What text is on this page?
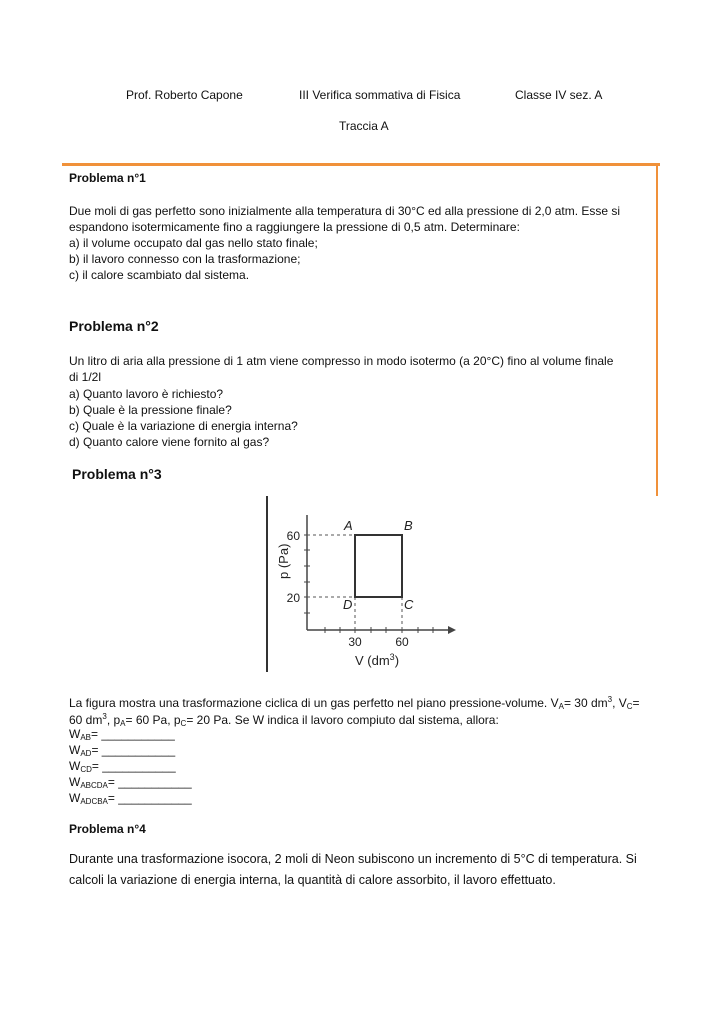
Prof. Roberto Capone	III Verifica sommativa di Fisica	Classe IV sez. A
Traccia A
Problema n°1
Due moli di gas perfetto sono inizialmente alla temperatura di 30°C ed alla pressione di 2,0 atm. Esse si
espandono isotermicamente fino a raggiungere la pressione di 0,5 atm. Determinare:
a) il volume occupato dal gas nello stato finale;
b) il lavoro connesso con la trasformazione;
c) il calore scambiato dal sistema.
Problema n°2
Un litro di aria alla pressione di 1 atm viene compresso in modo isotermo (a 20°C) fino al volume finale
di 1/2l
a) Quanto lavoro è richiesto?
b) Quale è la pressione finale?
c) Quale è la variazione di energia interna?
d) Quanto calore viene fornito al gas?
Problema n°3
60
20
30	60
A	B
C
D
p (Pa)
V $(dm^3)$
La figura mostra una trasformazione ciclica di un gas perfetto nel piano pressione-volume. $V_A= 30$ $dm^3$, $V_C=$
60 $dm^3$, $p_A= 60$ Pa, $p_C= 20$ Pa. Se W indica il lavoro compiuto dal sistema, allora:
$W_{AB}=$ ___________
$W_{AD}=$ ___________
$W_{CD}=$ ___________
$W_{ABCDA}=$ ___________
$W_{ADCBA}=$ ___________
Problema n°4
Durante una trasformazione isocora, 2 moli di Neon subiscono un incremento di 5°C di temperatura. Si
calcoli la variazione di energia interna, la quantità di calore assorbito, il lavoro effettuato.
